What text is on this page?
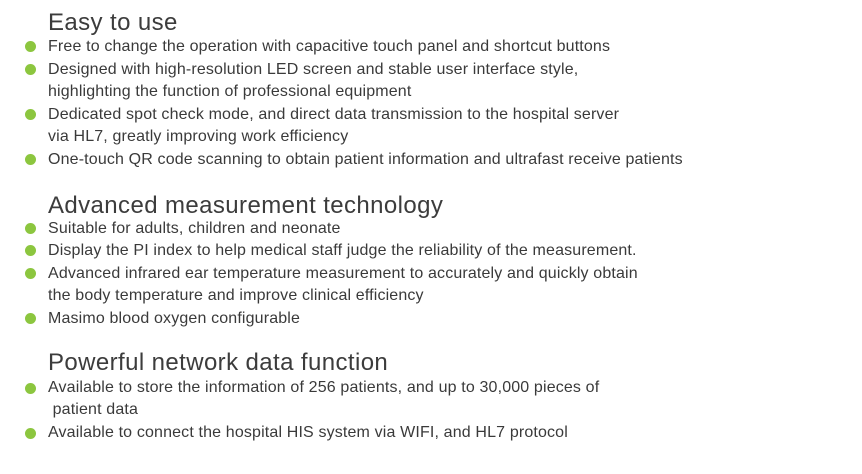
Easy to use
Free to change the operation with capacitive touch panel and shortcut buttons
Designed with high-resolution LED screen and stable user interface style,
highlighting the function of professional equipment
Dedicated spot check mode, and direct data transmission to the hospital server
via HL7, greatly improving work efficiency
One-touch QR code scanning to obtain patient information and ultrafast receive patients
Advanced measurement technology
Suitable for adults, children and neonate
Display the PI index to help medical staff judge the reliability of the measurement.
Advanced infrared ear temperature measurement to accurately and quickly obtain
the body temperature and improve clinical efficiency
Masimo blood oxygen configurable
Powerful network data function
Available to store the information of 256 patients, and up to 30,000 pieces of
patient data
Available to connect the hospital HIS system via WIFI, and HL7 protocol
